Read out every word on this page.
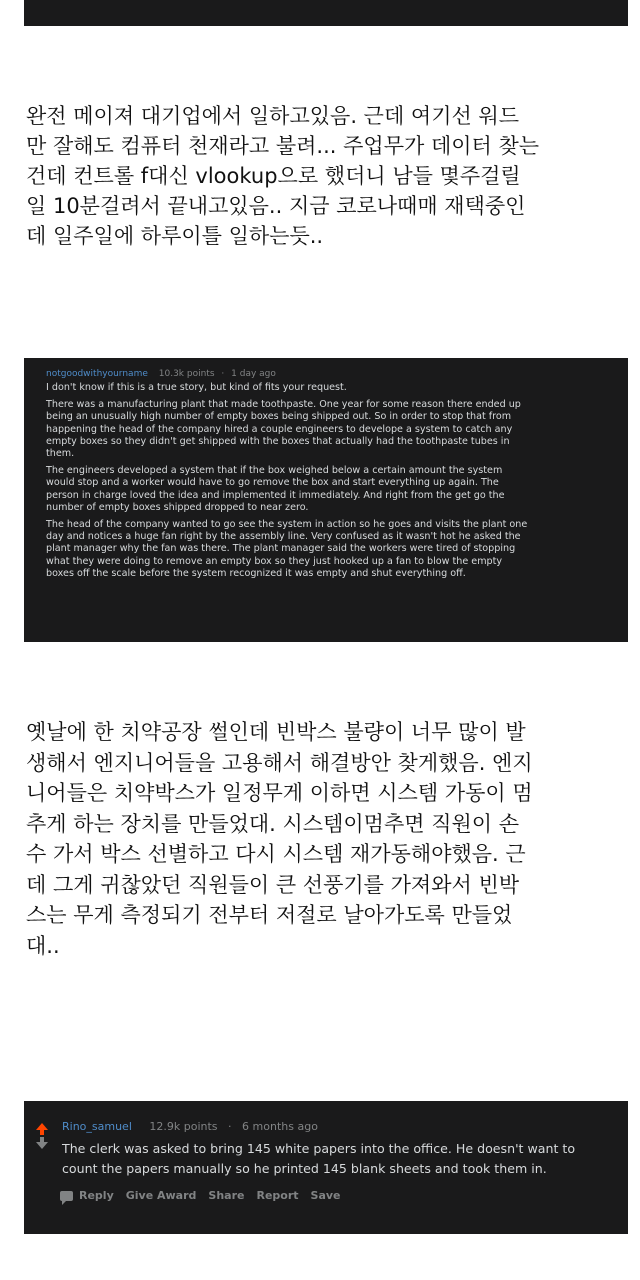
완전 메이져 대기업에서 일하고있음. 근데 여기선 워드
만 잘해도 컴퓨터 천재라고 불려... 주업무가 데이터 찾는
건데 컨트롤 f대신 vlookup으로 했더니 남들 몇주걸릴
일 10분걸려서 끝내고있음.. 지금 코로나때매 재택중인
데 일주일에 하루이틀 일하는듯..
notgoodwithyourname 10.3k points · 1 day ago

I don't know if this is a true story, but kind of fits your request.

There was a manufacturing plant that made toothpaste. One year for some reason there ended up
being an unusually high number of empty boxes being shipped out. So in order to stop that from
happening the head of the company hired a couple engineers to develope a system to catch any
empty boxes so they didn't get shipped with the boxes that actually had the toothpaste tubes in
them.

The engineers developed a system that if the box weighed below a certain amount the system
would stop and a worker would have to go remove the box and start everything up again. The
person in charge loved the idea and implemented it immediately. And right from the get go the
number of empty boxes shipped dropped to near zero.

The head of the company wanted to go see the system in action so he goes and visits the plant one
day and notices a huge fan right by the assembly line. Very confused as it wasn't hot he asked the
plant manager why the fan was there. The plant manager said the workers were tired of stopping
what they were doing to remove an empty box so they just hooked up a fan to blow the empty
boxes off the scale before the system recognized it was empty and shut everything off.

옛날에 한 치약공장 썰인데 빈박스 불량이 너무 많이 발
생해서 엔지니어들을 고용해서 해결방안 찾게했음. 엔지
니어들은 치약박스가 일정무게 이하면 시스템 가동이 멈
추게 하는 장치를 만들었대. 시스템이멈추면 직원이 손
수 가서 박스 선별하고 다시 시스템 재가동해야했음. 근
데 그게 귀찮았던 직원들이 큰 선풍기를 가져와서 빈박
스는 무게 측정되기 전부터 저절로 날아가도록 만들었
대..
Rino_samuel 12.9k points · 6 months ago
The clerk was asked to bring 145 white papers into the office. He doesn't want to
count the papers manually so he printed 145 blank sheets and took them in.
Reply Give Award Share Report Save
